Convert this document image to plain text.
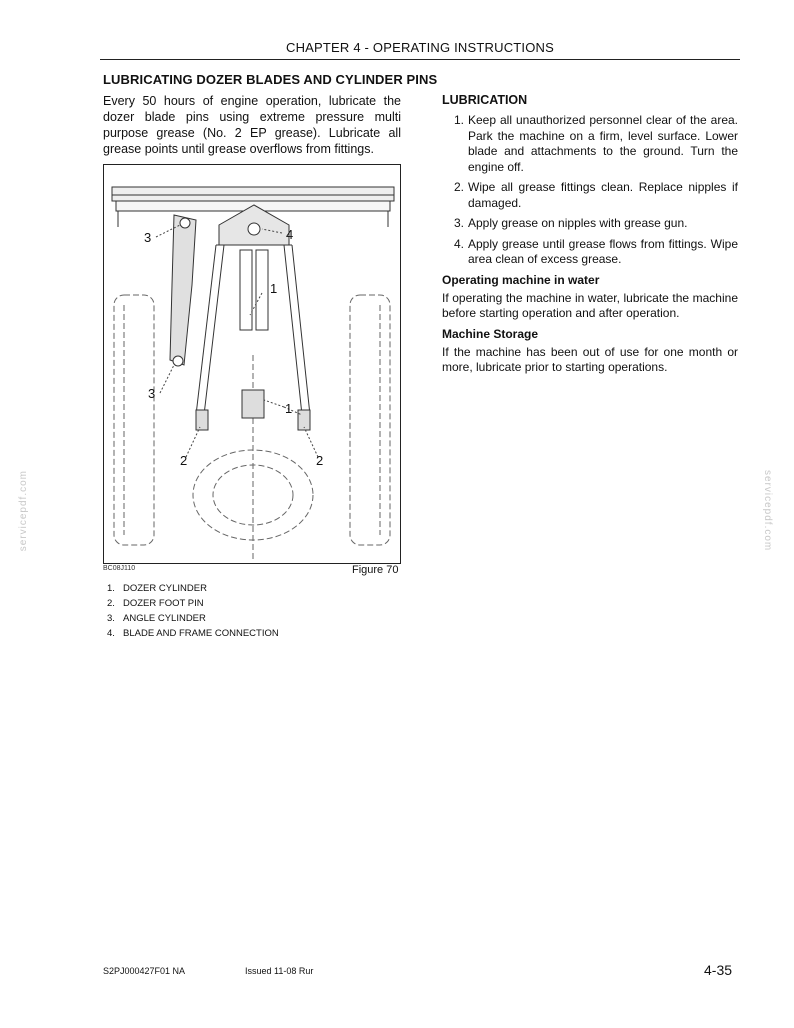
CHAPTER 4 - OPERATING INSTRUCTIONS
LUBRICATING DOZER BLADES AND CYLINDER PINS
Every 50 hours of engine operation, lubricate the dozer blade pins using extreme pressure multi purpose grease (No. 2 EP grease). Lubricate all grease points until grease overflows from fittings.
3	4
1
1
3
2	2
BC08J110	Figure 70
1. DOZER CYLINDER
2. DOZER FOOT PIN
3. ANGLE CYLINDER
4. BLADE AND FRAME CONNECTION
LUBRICATION
1. Keep all unauthorized personnel clear of the area. Park the machine on a firm, level surface. Lower blade and attachments to the ground. Turn the engine off.
2. Wipe all grease fittings clean. Replace nipples if damaged.
3. Apply grease on nipples with grease gun.
4. Apply grease until grease flows from fittings. Wipe area clean of excess grease.
Operating machine in water

If operating the machine in water, lubricate the machine before starting operation and after operation.

Machine Storage

If the machine has been out of use for one month or more, lubricate prior to starting operations.

servicepdf.com	servicepdf.com
S2PJ000427F01 NA	Issued 11-08 Rur	4-35
